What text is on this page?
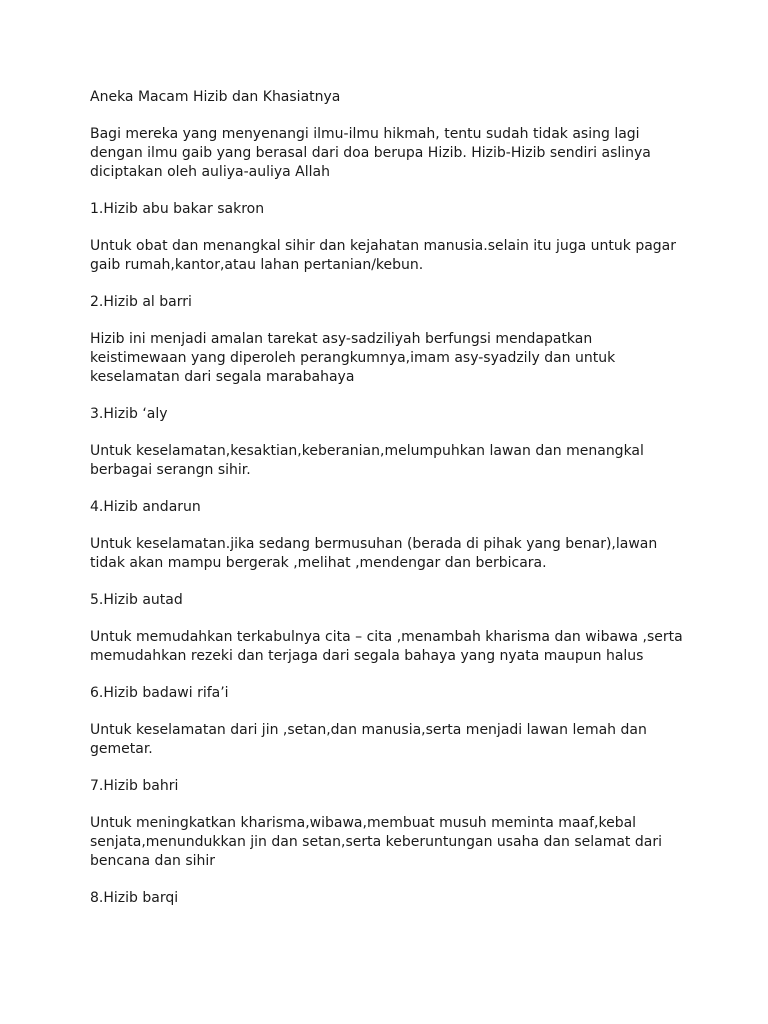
Aneka Macam Hizib dan Khasiatnya

Bagi mereka yang menyenangi ilmu-ilmu hikmah, tentu sudah tidak asing lagi
dengan ilmu gaib yang berasal dari doa berupa Hizib. Hizib-Hizib sendiri aslinya
diciptakan oleh auliya-auliya Allah

1.Hizib abu bakar sakron

Untuk obat dan menangkal sihir dan kejahatan manusia.selain itu juga untuk pagar
gaib rumah,kantor,atau lahan pertanian/kebun.

2.Hizib al barri

Hizib ini menjadi amalan tarekat asy-sadziliyah berfungsi mendapatkan
keistimewaan yang diperoleh perangkumnya,imam asy-syadzily dan untuk
keselamatan dari segala marabahaya

3.Hizib ‘aly

Untuk keselamatan,kesaktian,keberanian,melumpuhkan lawan dan menangkal
berbagai serangn sihir.

4.Hizib andarun

Untuk keselamatan.jika sedang bermusuhan (berada di pihak yang benar),lawan
tidak akan mampu bergerak ,melihat ,mendengar dan berbicara.

5.Hizib autad

Untuk memudahkan terkabulnya cita – cita ,menambah kharisma dan wibawa ,serta
memudahkan rezeki dan terjaga dari segala bahaya yang nyata maupun halus

6.Hizib badawi rifa’i

Untuk keselamatan dari jin ,setan,dan manusia,serta menjadi lawan lemah dan
gemetar.

7.Hizib bahri

Untuk meningkatkan kharisma,wibawa,membuat musuh meminta maaf,kebal
senjata,menundukkan jin dan setan,serta keberuntungan usaha dan selamat dari
bencana dan sihir

8.Hizib barqi
